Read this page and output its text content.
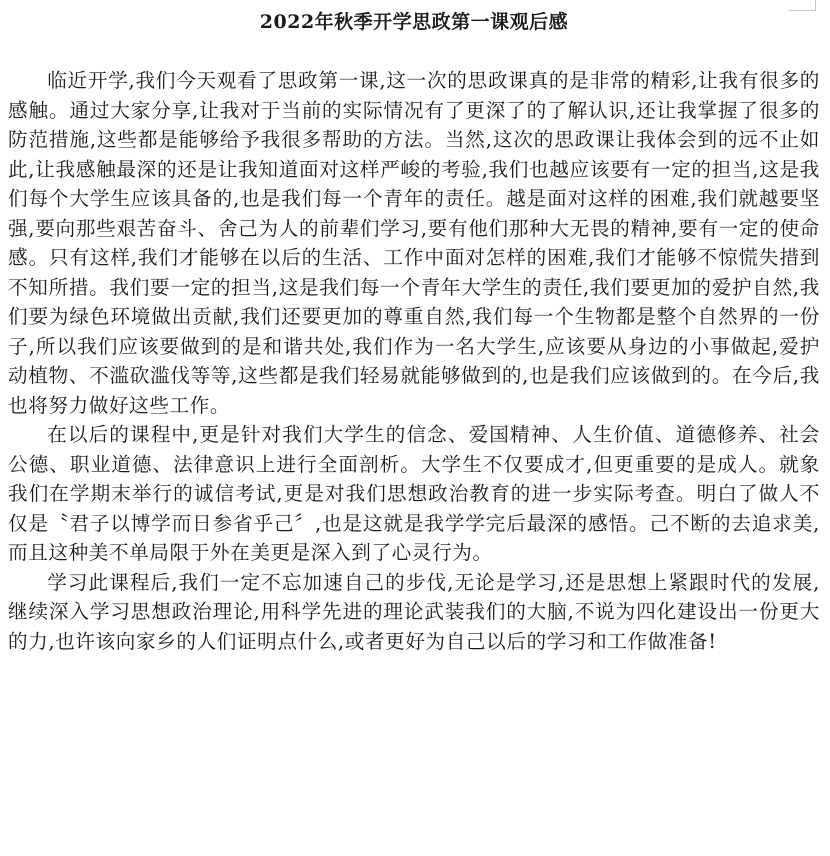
2022年秋季开学思政第一课观后感

临近开学,我们今天观看了思政第一课,这一次的思政课真的是非常的精彩,让我有很多的感触。通过大家分享,让我对于当前的实际情况有了更深了的了解认识,还让我掌握了很多的防范措施,这些都是能够给予我很多帮助的方法。当然,这次的思政课让我体会到的远不止如此,让我感触最深的还是让我知道面对这样严峻的考验,我们也越应该要有一定的担当,这是我们每个大学生应该具备的,也是我们每一个青年的责任。越是面对这样的困难,我们就越要坚强,要向那些艰苦奋斗、舍己为人的前辈们学习,要有他们那种大无畏的精神,要有一定的使命感。只有这样,我们才能够在以后的生活、工作中面对怎样的困难,我们才能够不惊慌失措到不知所措。我们要一定的担当,这是我们每一个青年大学生的责任,我们要更加的爱护自然,我们要为绿色环境做出贡献,我们还要更加的尊重自然,我们每一个生物都是整个自然界的一份子,所以我们应该要做到的是和谐共处,我们作为一名大学生,应该要从身边的小事做起,爱护动植物、不滥砍滥伐等等,这些都是我们轻易就能够做到的,也是我们应该做到的。在今后,我也将努力做好这些工作。

在以后的课程中,更是针对我们大学生的信念、爱国精神、人生价值、道德修养、社会公德、职业道德、法律意识上进行全面剖析。大学生不仅要成才,但更重要的是成人。就象我们在学期末举行的诚信考试,更是对我们思想政治教育的进一步实际考查。明白了做人不仅是〝君子以博学而日参省乎己〞,也是这就是我学学完后最深的感悟。己不断的去追求美,而且这种美不单局限于外在美更是深入到了心灵行为。

学习此课程后,我们一定不忘加速自己的步伐,无论是学习,还是思想上紧跟时代的发展,继续深入学习思想政治理论,用科学先进的理论武装我们的大脑,不说为四化建设出一份更大的力,也许该向家乡的人们证明点什么,或者更好为自己以后的学习和工作做准备!
